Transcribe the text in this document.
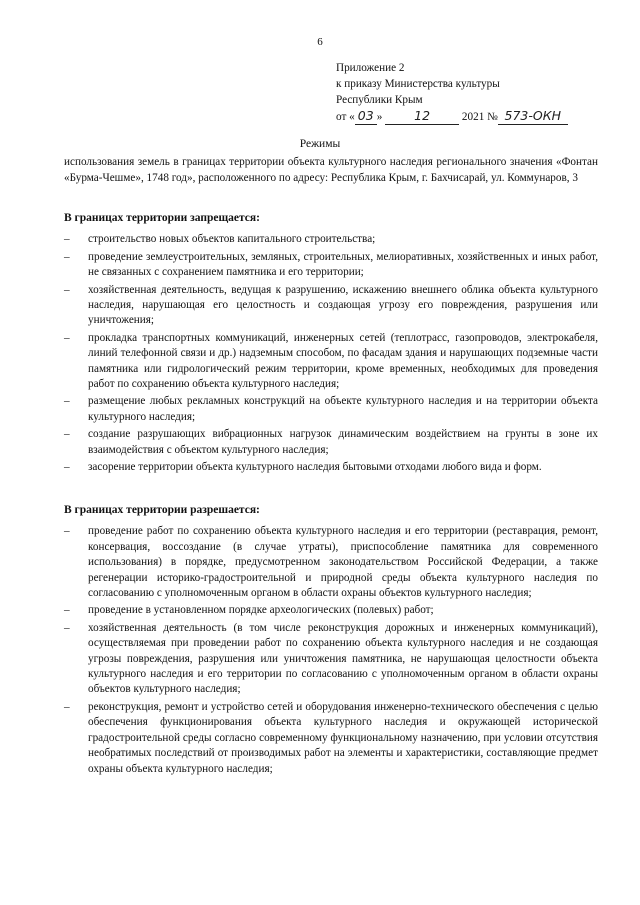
6
Приложение 2
к приказу Министерства культуры
Республики Крым
от « 03 »	12	2021 № 573-ОКН
Режимы
использования земель в границах территории объекта культурного наследия регионального значения «Фонтан «Бурма-Чешме», 1748 год», расположенного по адресу: Республика Крым, г. Бахчисарай, ул. Коммунаров, 3
В границах территории запрещается:
– строительство новых объектов капитального строительства;
– проведение землеустроительных, земляных, строительных, мелиоративных, хозяйственных и иных работ, не связанных с сохранением памятника и его территории;
– хозяйственная деятельность, ведущая к разрушению, искажению внешнего облика объекта культурного наследия, нарушающая его целостность и создающая угрозу его повреждения, разрушения или уничтожения;
– прокладка транспортных коммуникаций, инженерных сетей (теплотрасс, газопроводов, электрокабеля, линий телефонной связи и др.) надземным способом, по фасадам здания и нарушающих подземные части памятника или гидрологический режим территории, кроме временных, необходимых для проведения работ по сохранению объекта культурного наследия;
– размещение любых рекламных конструкций на объекте культурного наследия и на территории объекта культурного наследия;
– создание разрушающих вибрационных нагрузок динамическим воздействием на грунты в зоне их взаимодействия с объектом культурного наследия;
– засорение территории объекта культурного наследия бытовыми отходами любого вида и форм.
В границах территории разрешается:
– проведение работ по сохранению объекта культурного наследия и его территории (реставрация, ремонт, консервация, воссоздание (в случае утраты), приспособление памятника для современного использования) в порядке, предусмотренном законодательством Российской Федерации, а также регенерации историко-градостроительной и природной среды объекта культурного наследия по согласованию с уполномоченным органом в области охраны объектов культурного наследия;
– проведение в установленном порядке археологических (полевых) работ;
– хозяйственная деятельность (в том числе реконструкция дорожных и инженерных коммуникаций), осуществляемая при проведении работ по сохранению объекта культурного наследия и не создающая угрозы повреждения, разрушения или уничтожения памятника, не нарушающая целостности объекта культурного наследия и его территории по согласованию с уполномоченным органом в области охраны объектов культурного наследия;
– реконструкция, ремонт и устройство сетей и оборудования инженерно-технического обеспечения с целью обеспечения функционирования объекта культурного наследия и окружающей исторической градостроительной среды согласно современному функциональному назначению, при условии отсутствия необратимых последствий от производимых работ на элементы и характеристики, составляющие предмет охраны объекта культурного наследия;
